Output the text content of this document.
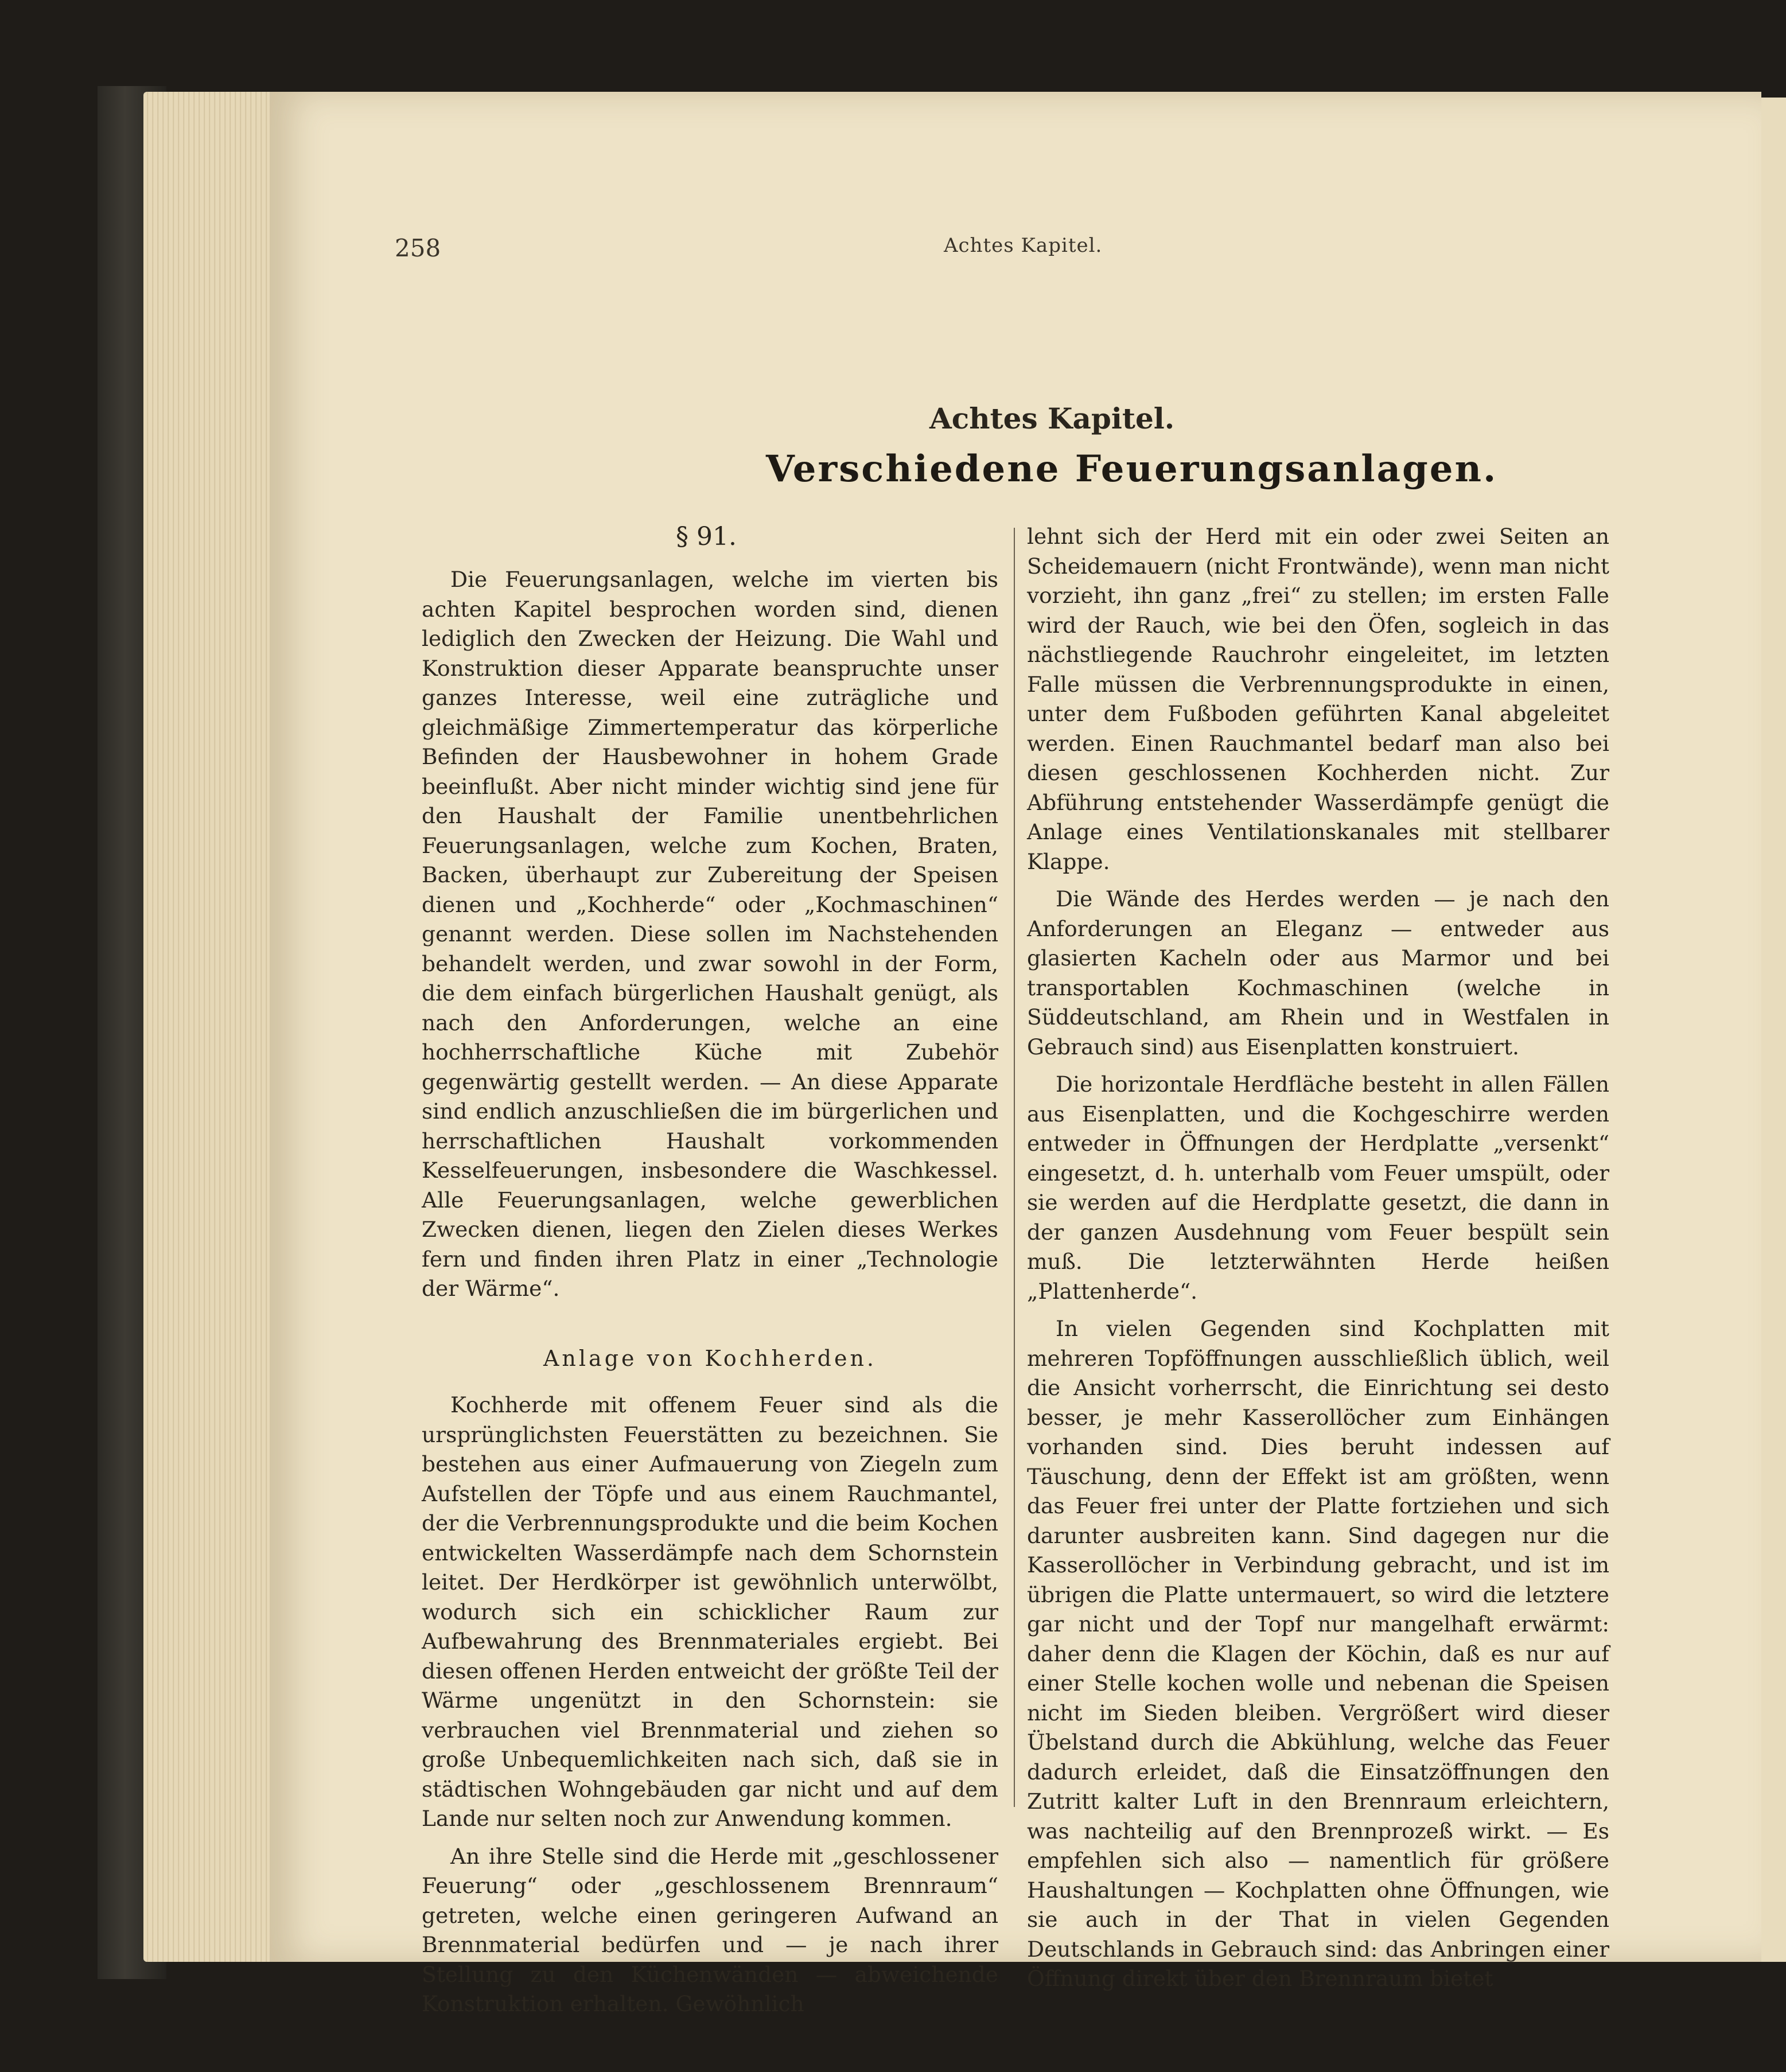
258	Achtes Kapitel.
Achtes Kapitel.
Verschiedene Feuerungsanlagen.
§ 91.

Die Feuerungsanlagen, welche im vierten bis achten Kapitel besprochen worden sind, dienen lediglich den Zwecken der Heizung. Die Wahl und Konstruktion dieser Apparate beanspruchte unser ganzes Interesse, weil eine zuträgliche und gleichmäßige Zimmertemperatur das körperliche Befinden der Hausbewohner in hohem Grade beeinflußt. Aber nicht minder wichtig sind jene für den Haushalt der Familie unentbehrlichen Feuerungsanlagen, welche zum Kochen, Braten, Backen, überhaupt zur Zubereitung der Speisen dienen und „Kochherde“ oder „Kochmaschinen“ genannt werden. Diese sollen im Nachstehenden behandelt werden, und zwar sowohl in der Form, die dem einfach bürgerlichen Haushalt genügt, als nach den Anforderungen, welche an eine hochherrschaftliche Küche mit Zubehör gegenwärtig gestellt werden. — An diese Apparate sind endlich anzuschließen die im bürgerlichen und herrschaftlichen Haushalt vorkommenden Kesselfeuerungen, insbesondere die Waschkessel. Alle Feuerungsanlagen, welche gewerblichen Zwecken dienen, liegen den Zielen dieses Werkes fern und finden ihren Platz in einer „Technologie der Wärme“.

Anlage von Kochherden.

Kochherde mit offenem Feuer sind als die ursprünglichsten Feuerstätten zu bezeichnen. Sie bestehen aus einer Aufmauerung von Ziegeln zum Aufstellen der Töpfe und aus einem Rauchmantel, der die Verbrennungsprodukte und die beim Kochen entwickelten Wasserdämpfe nach dem Schornstein leitet. Der Herdkörper ist gewöhnlich unterwölbt, wodurch sich ein schicklicher Raum zur Aufbewahrung des Brennmateriales ergiebt. Bei diesen offenen Herden entweicht der größte Teil der Wärme ungenützt in den Schornstein: sie verbrauchen viel Brennmaterial und ziehen so große Unbequemlichkeiten nach sich, daß sie in städtischen Wohngebäuden gar nicht und auf dem Lande nur selten noch zur Anwendung kommen.

An ihre Stelle sind die Herde mit „geschlossener Feuerung“ oder „geschlossenem Brennraum“ getreten, welche einen geringeren Aufwand an Brennmaterial bedürfen und — je nach ihrer Stellung zu den Küchenwänden — abweichende Konstruktion erhalten. Gewöhnlich

lehnt sich der Herd mit ein oder zwei Seiten an Scheidemauern (nicht Frontwände), wenn man nicht vorzieht, ihn ganz „frei“ zu stellen; im ersten Falle wird der Rauch, wie bei den Öfen, sogleich in das nächstliegende Rauchrohr eingeleitet, im letzten Falle müssen die Verbrennungsprodukte in einen, unter dem Fußboden geführten Kanal abgeleitet werden. Einen Rauchmantel bedarf man also bei diesen geschlossenen Kochherden nicht. Zur Abführung entstehender Wasserdämpfe genügt die Anlage eines Ventilationskanales mit stellbarer Klappe.

Die Wände des Herdes werden — je nach den Anforderungen an Eleganz — entweder aus glasierten Kacheln oder aus Marmor und bei transportablen Kochmaschinen (welche in Süddeutschland, am Rhein und in Westfalen in Gebrauch sind) aus Eisenplatten konstruiert.

Die horizontale Herdfläche besteht in allen Fällen aus Eisenplatten, und die Kochgeschirre werden entweder in Öffnungen der Herdplatte „versenkt“ eingesetzt, d. h. unterhalb vom Feuer umspült, oder sie werden auf die Herdplatte gesetzt, die dann in der ganzen Ausdehnung vom Feuer bespült sein muß. Die letzterwähnten Herde heißen „Plattenherde“.

In vielen Gegenden sind Kochplatten mit mehreren Topföffnungen ausschließlich üblich, weil die Ansicht vorherrscht, die Einrichtung sei desto besser, je mehr Kasserollöcher zum Einhängen vorhanden sind. Dies beruht indessen auf Täuschung, denn der Effekt ist am größten, wenn das Feuer frei unter der Platte fortziehen und sich darunter ausbreiten kann. Sind dagegen nur die Kasserollöcher in Verbindung gebracht, und ist im übrigen die Platte untermauert, so wird die letztere gar nicht und der Topf nur mangelhaft erwärmt: daher denn die Klagen der Köchin, daß es nur auf einer Stelle kochen wolle und nebenan die Speisen nicht im Sieden bleiben. Vergrößert wird dieser Übelstand durch die Abkühlung, welche das Feuer dadurch erleidet, daß die Einsatzöffnungen den Zutritt kalter Luft in den Brennraum erleichtern, was nachteilig auf den Brennprozeß wirkt. — Es empfehlen sich also — namentlich für größere Haushaltungen — Kochplatten ohne Öffnungen, wie sie auch in der That in vielen Gegenden Deutschlands in Gebrauch sind: das Anbringen einer Öffnung direkt über den Brennraum bietet
